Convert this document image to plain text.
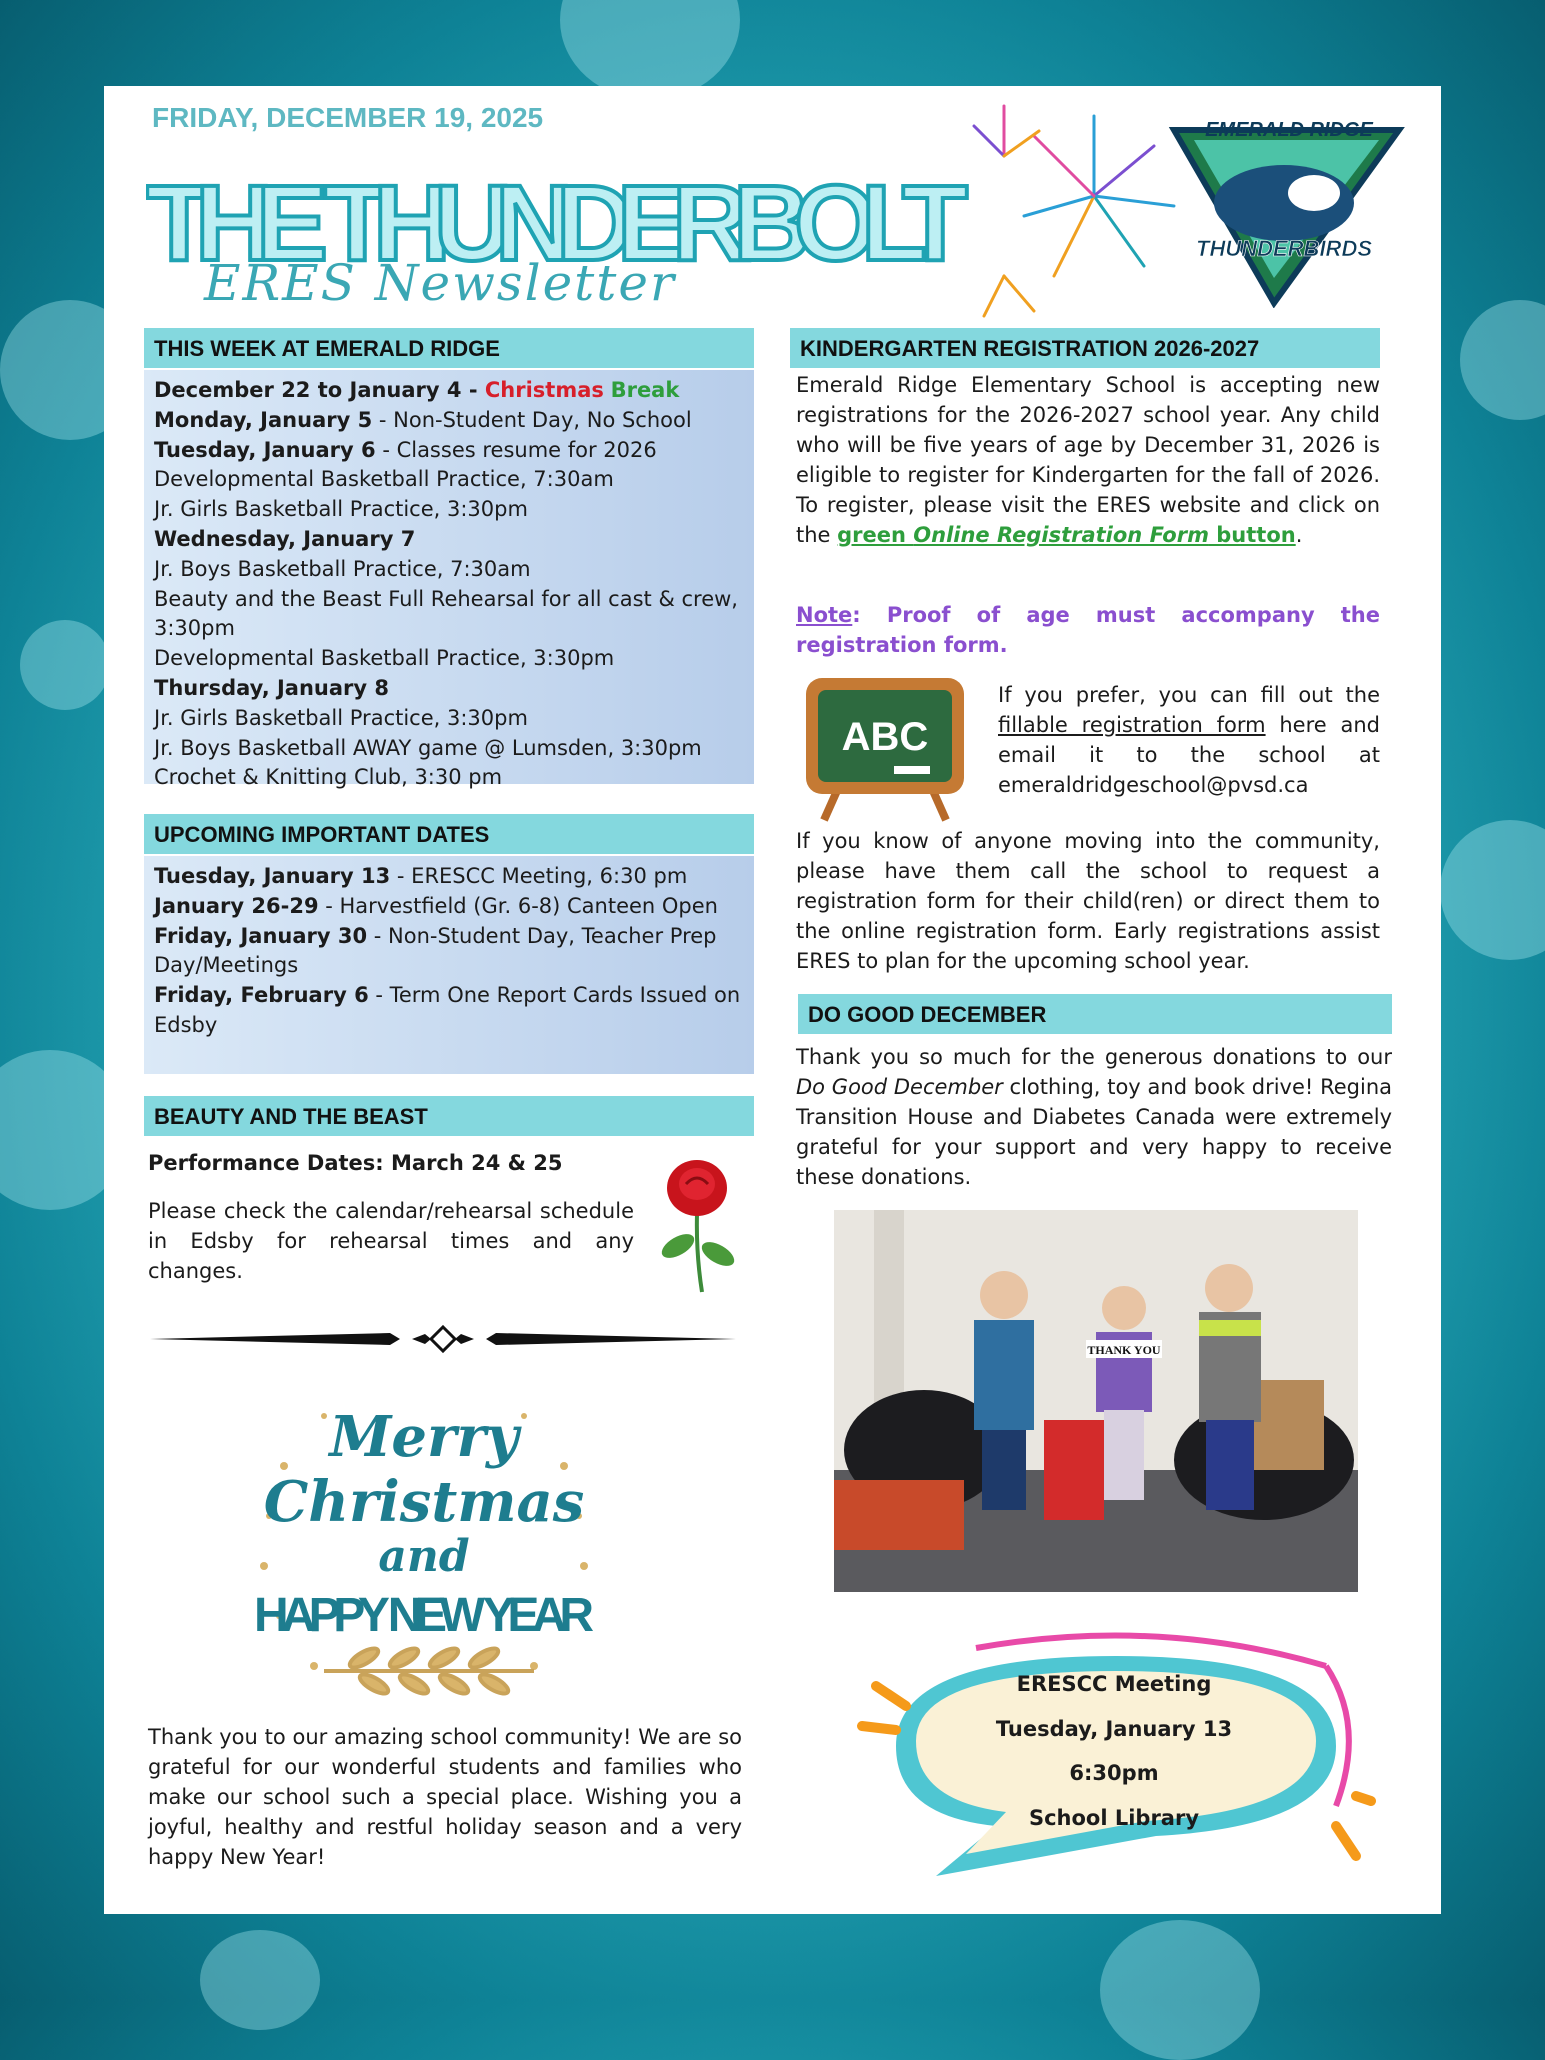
FRIDAY, DECEMBER 19, 2025
THE THUNDERBOLT
ERES Newsletter
EMERALD RIDGE
THUNDERBIRDS
THIS WEEK AT EMERALD RIDGE

December 22 to January 4 - Christmas Break

Monday, January 5 - Non-Student Day, No School

Tuesday, January 6 - Classes resume for 2026

Developmental Basketball Practice, 7:30am

Jr. Girls Basketball Practice, 3:30pm

Wednesday, January 7

Jr. Boys Basketball Practice, 7:30am

Beauty and the Beast Full Rehearsal for all cast & crew, 3:30pm

Developmental Basketball Practice, 3:30pm

Thursday, January 8

Jr. Girls Basketball Practice, 3:30pm

Jr. Boys Basketball AWAY game @ Lumsden, 3:30pm

Crochet & Knitting Club, 3:30 pm

UPCOMING IMPORTANT DATES

Tuesday, January 13 - ERESCC Meeting, 6:30 pm

January 26-29 - Harvestfield (Gr. 6-8) Canteen Open

Friday, January 30 - Non-Student Day, Teacher Prep Day/Meetings

Friday, February 6 - Term One Report Cards Issued on Edsby

BEAUTY AND THE BEAST
Performance Dates: March 24 & 25
Please check the calendar/rehearsal schedule in Edsby for rehearsal times and any changes.
Merry
Christmas
and
HAPPY NEW YEAR
Thank you to our amazing school community! We are so grateful for our wonderful students and families who make our school such a special place. Wishing you a joyful, healthy and restful holiday season and a very happy New Year!
KINDERGARTEN REGISTRATION 2026-2027

Emerald Ridge Elementary School is accepting new registrations for the 2026-2027 school year. Any child who will be five years of age by December 31, 2026 is eligible to register for Kindergarten for the fall of 2026. To register, please visit the ERES website and click on the green Online Registration Form button.

Note: Proof of age must accompany the registration form.
ABC
If you prefer, you can fill out the fillable registration form here and email it to the school at emeraldridgeschool@pvsd.ca
If you know of anyone moving into the community, please have them call the school to request a registration form for their child(ren) or direct them to the online registration form. Early registrations assist ERES to plan for the upcoming school year.
DO GOOD DECEMBER
Thank you so much for the generous donations to our Do Good December clothing, toy and book drive! Regina Transition House and Diabetes Canada were extremely grateful for your support and very happy to receive these donations.
THANK YOU
ERESCC Meeting
Tuesday, January 13
6:30pm
School Library
